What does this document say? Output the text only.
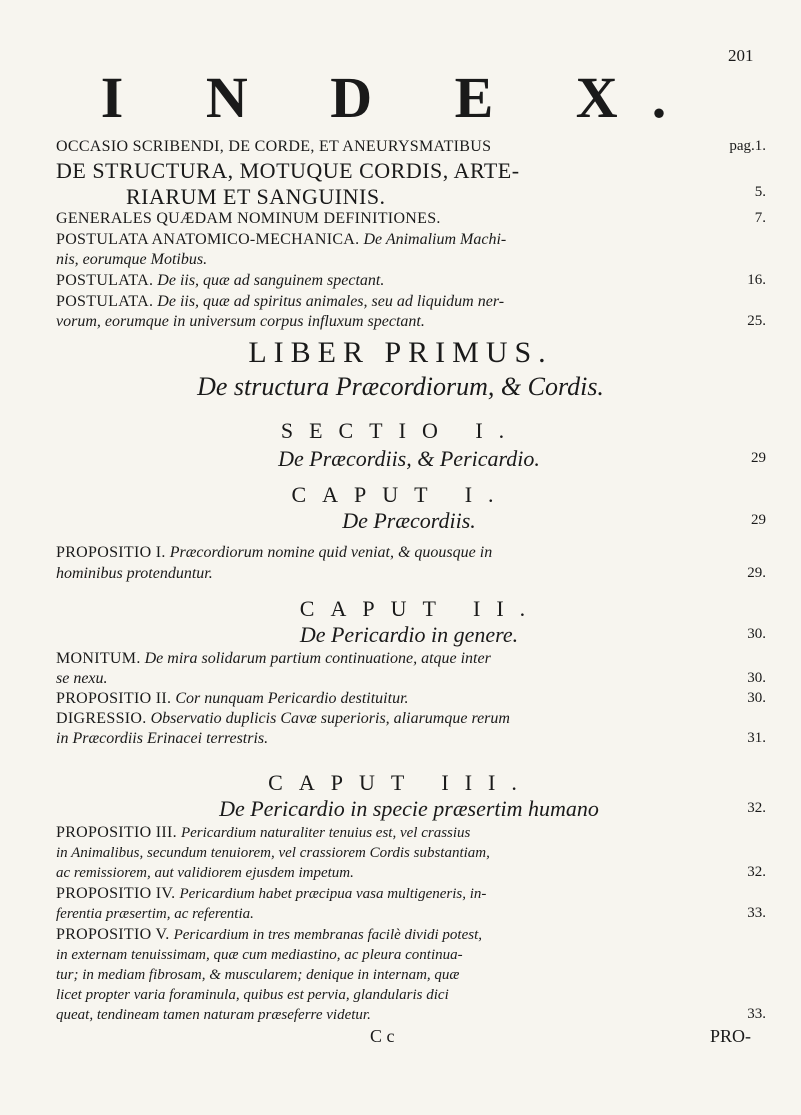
201
I N D E X.
OCCASIO SCRIBENDI, DE CORDE, ET ANEURYSMATIBUS	pag.1.
DE STRUCTURA, MOTUQUE CORDIS, ARTE-
RIARUM ET SANGUINIS.	5.
GENERALES QUÆDAM NOMINUM DEFINITIONES.	7.
POSTULATA ANATOMICO-MECHANICA. De Animalium Machi-
nis, eorumque Motibus.
POSTULATA. De iis, quæ ad sanguinem spectant.	16.
POSTULATA. De iis, quæ ad spiritus animales, seu ad liquidum ner-
vorum, eorumque in universum corpus influxum spectant.	25.
LIBER PRIMUS.
De structura Præcordiorum, & Cordis.
SECTIO I.
De Præcordiis, & Pericardio.	29
CAPUT I.
De Præcordiis.	29
PROPOSITIO I. Præcordiorum nomine quid veniat, & quousque in
hominibus protenduntur.	29.
CAPUT II.
De Pericardio in genere.	30.
MONITUM. De mira solidarum partium continuatione, atque inter
se nexu.	30.
PROPOSITIO II. Cor nunquam Pericardio destituitur.	30.
DIGRESSIO. Observatio duplicis Cavæ superioris, aliarumque rerum
in Præcordiis Erinacei terrestris.	31.
CAPUT III.
De Pericardio in specie præsertim humano	32.
PROPOSITIO III. Pericardium naturaliter tenuius est, vel crassius
in Animalibus, secundum tenuiorem, vel crassiorem Cordis substantiam,
ac remissiorem, aut validiorem ejusdem impetum.	32.
PROPOSITIO IV. Pericardium habet præcipua vasa multigeneris, in-
ferentia præsertim, ac referentia.	33.
PROPOSITIO V. Pericardium in tres membranas facilè dividi potest,
in externam tenuissimam, quæ cum mediastino, ac pleura continua-
tur; in mediam fibrosam, & muscularem; denique in internam, quæ
licet propter varia foraminula, quibus est pervia, glandularis dici
queat, tendineam tamen naturam præseferre videtur.	33.
C c	PRO-
